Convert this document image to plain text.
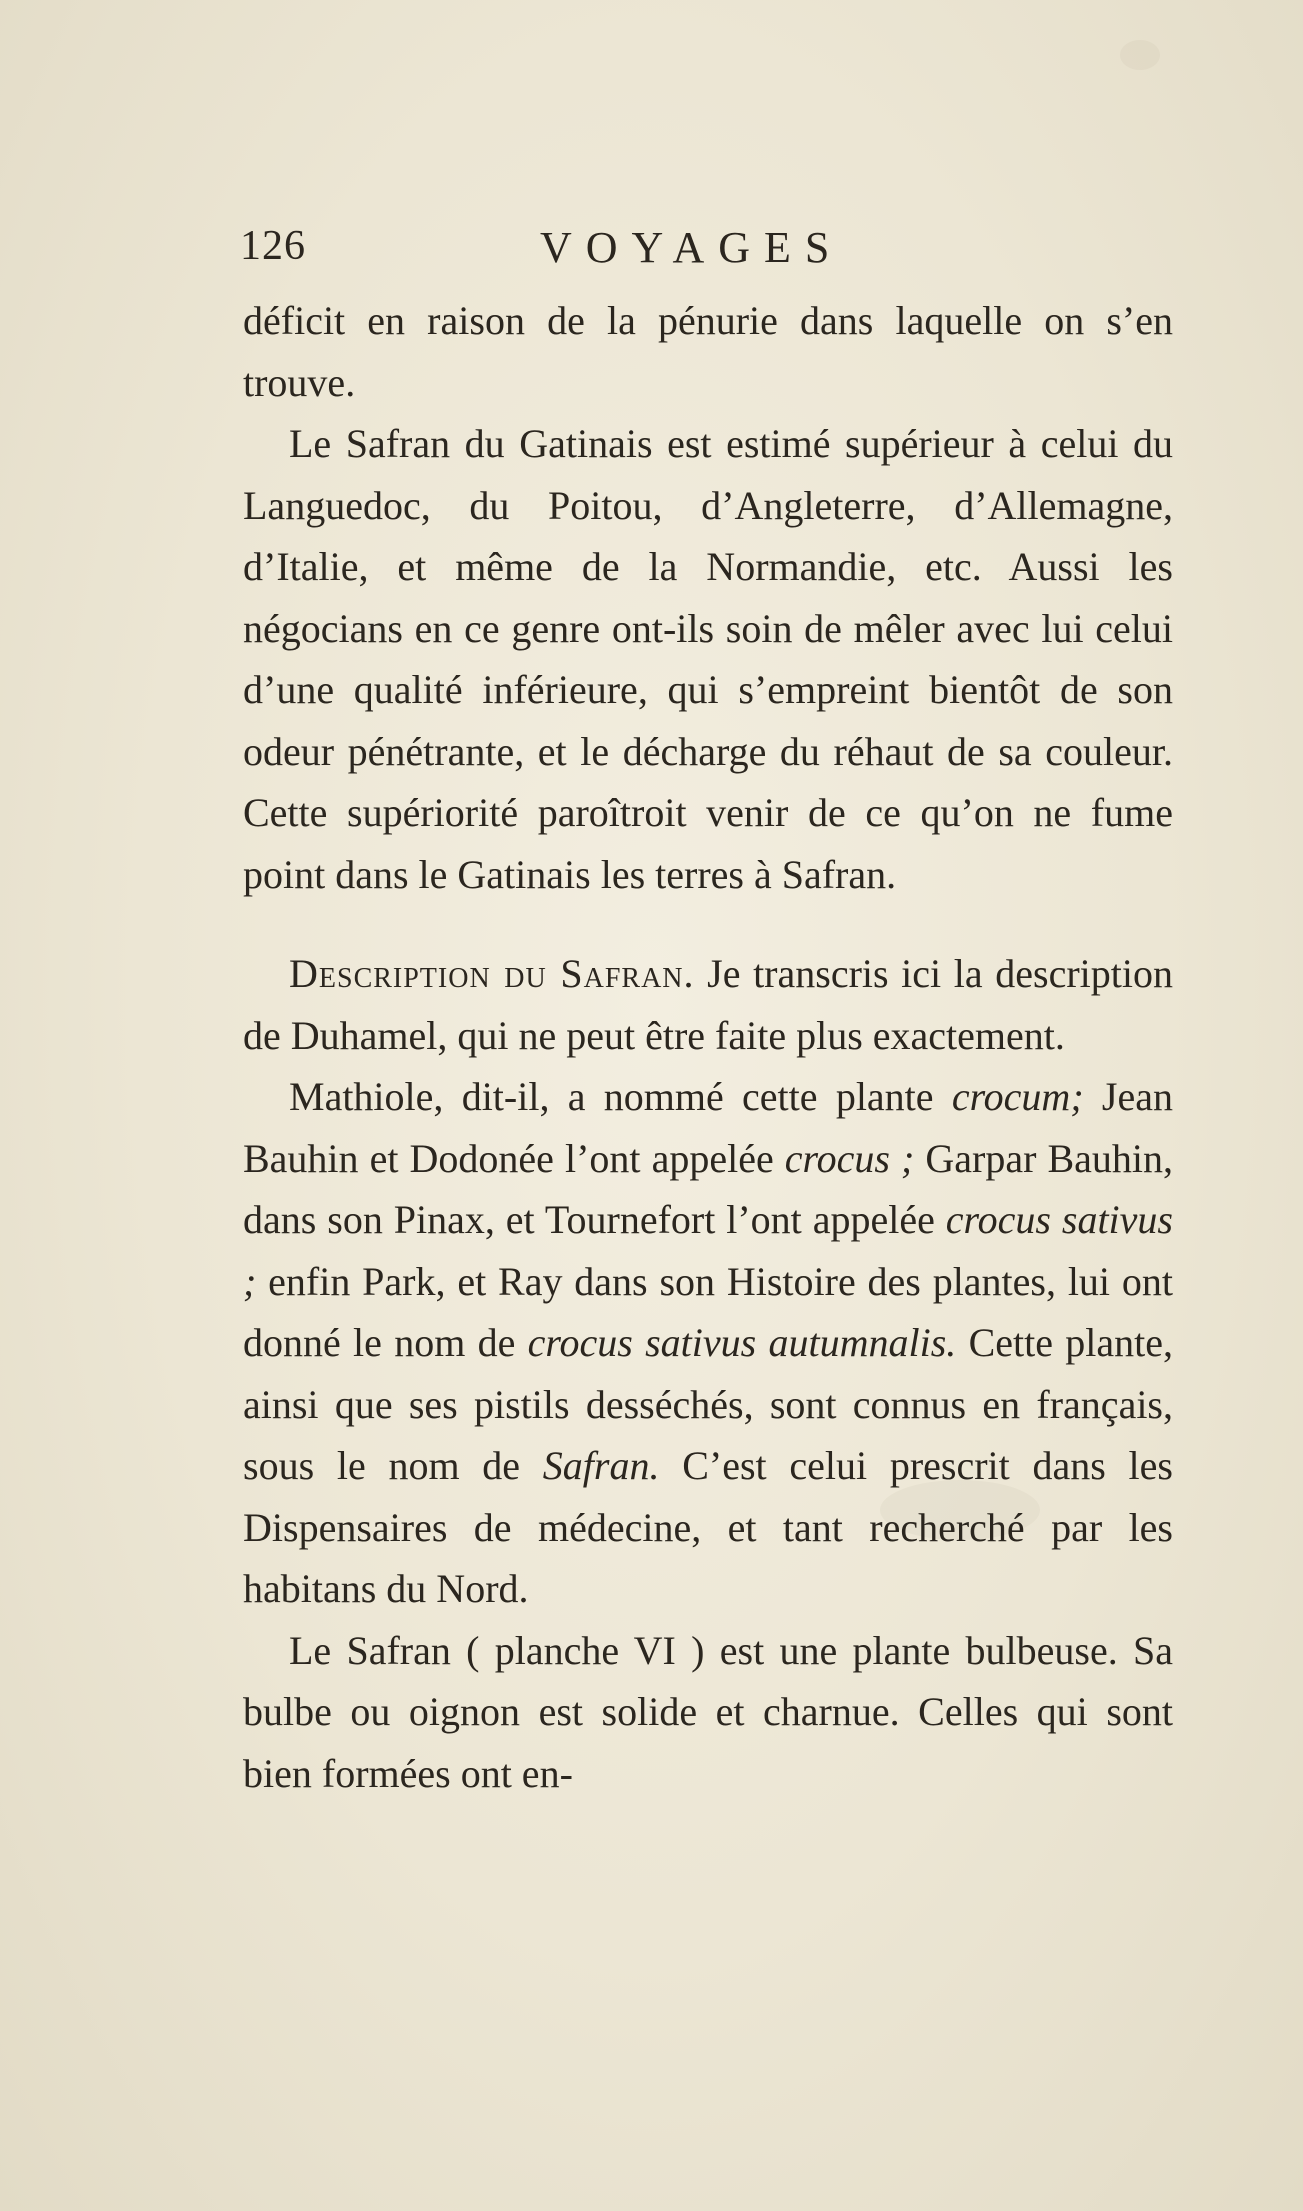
126	VOYAGES

déficit en raison de la pénurie dans laquelle on s’en trouve.

Le Safran du Gatinais est estimé supérieur à celui du Languedoc, du Poitou, d’Angleterre, d’Allemagne, d’Italie, et même de la Normandie, etc. Aussi les négocians en ce genre ont-ils soin de mêler avec lui celui d’une qualité inférieure, qui s’empreint bientôt de son odeur pénétrante, et le décharge du réhaut de sa couleur. Cette supériorité paroîtroit venir de ce qu’on ne fume point dans le Gatinais les terres à Safran.

Description du Safran. Je transcris ici la description de Duhamel, qui ne peut être faite plus exactement.

Mathiole, dit-il, a nommé cette plante crocum; Jean Bauhin et Dodonée l’ont appelée crocus ; Garpar Bauhin, dans son Pinax, et Tournefort l’ont appelée crocus sativus ; enfin Park, et Ray dans son Histoire des plantes, lui ont donné le nom de crocus sativus autumnalis. Cette plante, ainsi que ses pistils desséchés, sont connus en français, sous le nom de Safran. C’est celui prescrit dans les Dispensaires de médecine, et tant recherché par les habitans du Nord.

Le Safran ( planche VI ) est une plante bulbeuse. Sa bulbe ou oignon est solide et charnue. Celles qui sont bien formées ont en-
